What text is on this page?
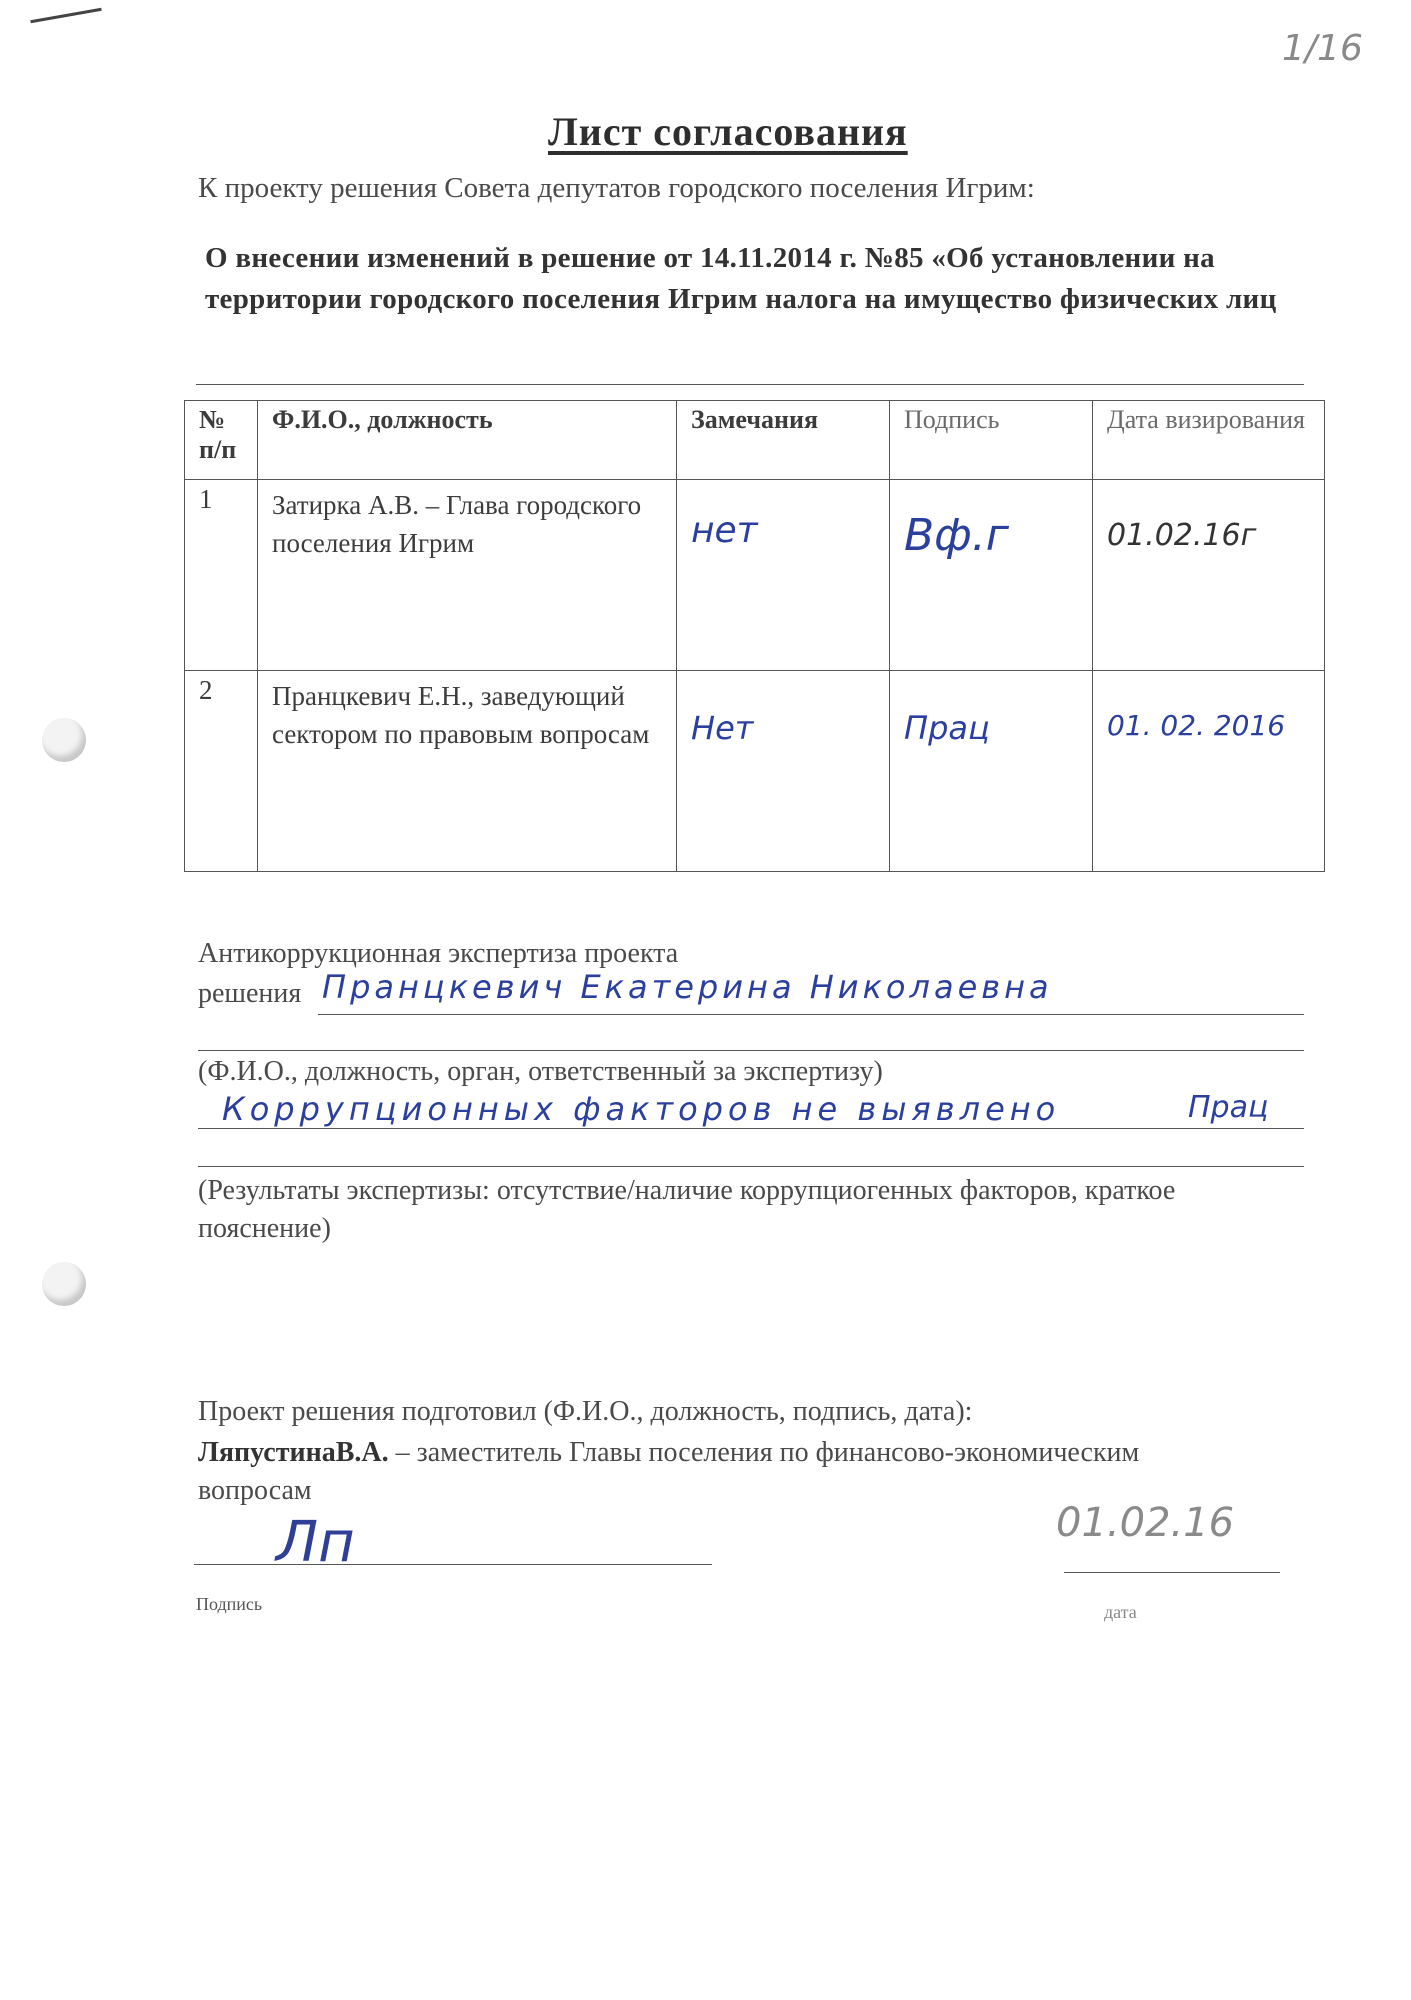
1/16
Лист согласования
К проекту решения Совета депутатов городского поселения Игрим:
О внесении изменений в решение от 14.11.2014 г. №85 «Об установлении на территории городского поселения Игрим налога на имущество физических лиц
№ п/п	Ф.И.О., должность	Замечания	Подпись	Дата визирования
1	Затирка А.В. – Глава городского поселения Игрим	нет	Вф.г	01.02.16г

2	Пранцкевич Е.Н., заведующий сектором по правовым вопросам	Нет	Прац	01. 02. 2016
Антикоррукционная экспертиза проекта
решения Пранцкевич Екатерина Николаевна
(Ф.И.О., должность, орган, ответственный за экспертизу)
Коррупционных факторов не выявлено	Прац
(Результаты экспертизы: отсутствие/наличие коррупциогенных факторов, краткое пояснение)
Проект решения подготовил (Ф.И.О., должность, подпись, дата):
ЛяпустинаВ.А. – заместитель Главы поселения по финансово-экономическим вопросам
Лп
Подпись
01.02.16
дата
